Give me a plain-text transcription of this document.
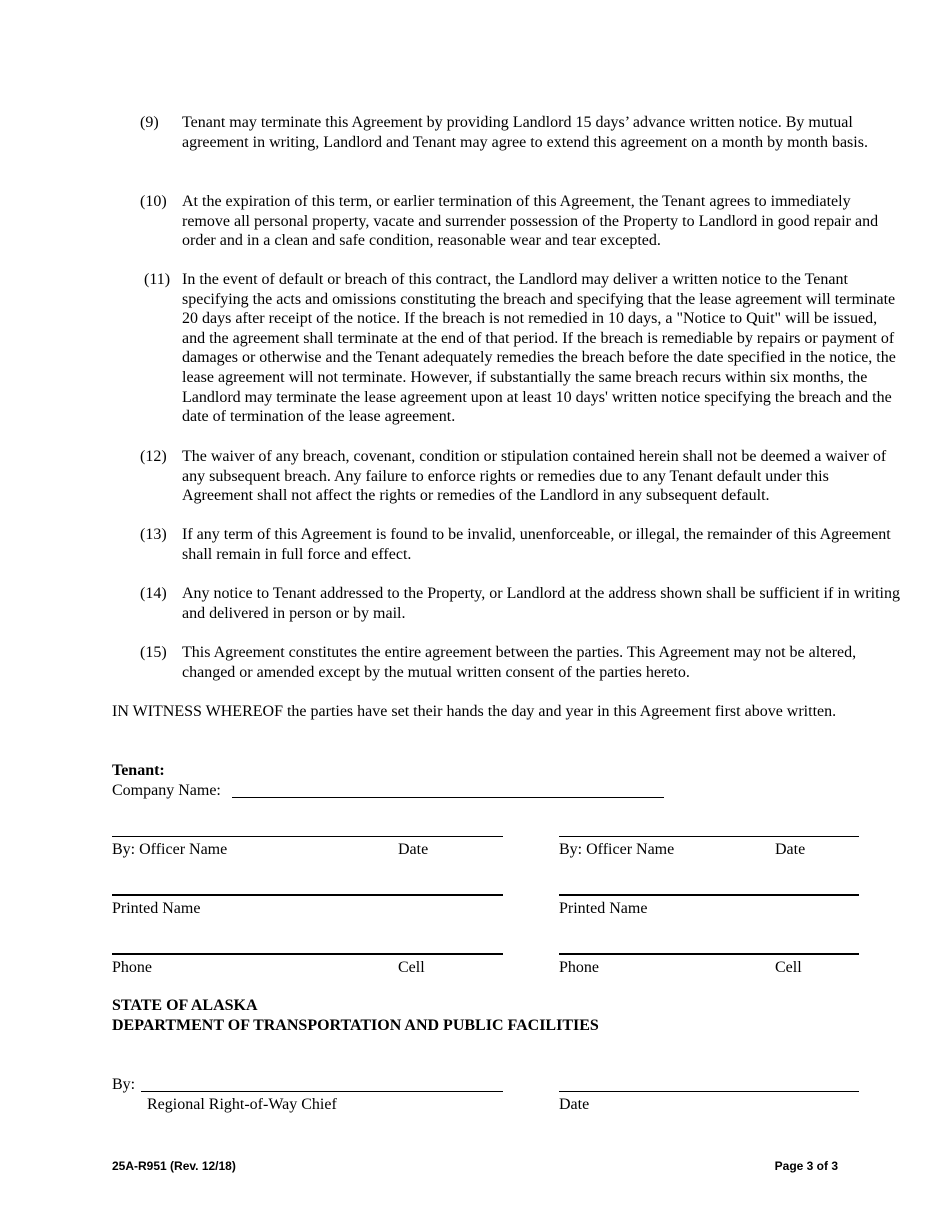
(9) Tenant may terminate this Agreement by providing Landlord 15 days’ advance written notice. By mutual agreement in writing, Landlord and Tenant may agree to extend this agreement on a month by month basis.
(10) At the expiration of this term, or earlier termination of this Agreement, the Tenant agrees to immediately remove all personal property, vacate and surrender possession of the Property to Landlord in good repair and order and in a clean and safe condition, reasonable wear and tear excepted.
(11) In the event of default or breach of this contract, the Landlord may deliver a written notice to the Tenant specifying the acts and omissions constituting the breach and specifying that the lease agreement will terminate 20 days after receipt of the notice. If the breach is not remedied in 10 days, a "Notice to Quit" will be issued, and the agreement shall terminate at the end of that period. If the breach is remediable by repairs or payment of damages or otherwise and the Tenant adequately remedies the breach before the date specified in the notice, the lease agreement will not terminate. However, if substantially the same breach recurs within six months, the Landlord may terminate the lease agreement upon at least 10 days' written notice specifying the breach and the date of termination of the lease agreement.
(12) The waiver of any breach, covenant, condition or stipulation contained herein shall not be deemed a waiver of any subsequent breach. Any failure to enforce rights or remedies due to any Tenant default under this Agreement shall not affect the rights or remedies of the Landlord in any subsequent default.
(13) If any term of this Agreement is found to be invalid, unenforceable, or illegal, the remainder of this Agreement shall remain in full force and effect.
(14) Any notice to Tenant addressed to the Property, or Landlord at the address shown shall be sufficient if in writing and delivered in person or by mail.
(15) This Agreement constitutes the entire agreement between the parties. This Agreement may not be altered, changed or amended except by the mutual written consent of the parties hereto.
IN WITNESS WHEREOF the parties have set their hands the day and year in this Agreement first above written.
Tenant:
Company Name:
By: Officer Name	Date
Printed Name
Phone	Cell
By: Officer Name	Date
Printed Name
Phone	Cell
STATE OF ALASKA
DEPARTMENT OF TRANSPORTATION AND PUBLIC FACILITIES
By:
Regional Right-of-Way Chief	Date
25A-R951 (Rev. 12/18)	Page 3 of 3
